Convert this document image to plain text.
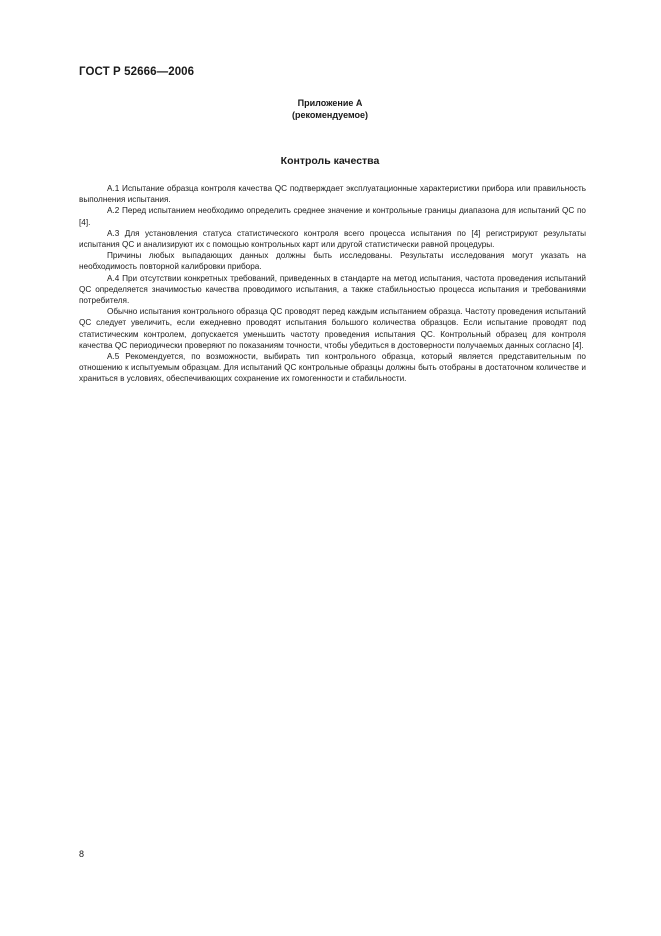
ГОСТ Р 52666—2006
Приложение А
(рекомендуемое)
Контроль качества

А.1 Испытание образца контроля качества QC подтверждает эксплуатационные характеристики прибора или правильность выполнения испытания.

А.2 Перед испытанием необходимо определить среднее значение и контрольные границы диапазона для испытаний QC по [4].

А.3 Для установления статуса статистического контроля всего процесса испытания по [4] регистрируют результаты испытания QC и анализируют их с помощью контрольных карт или другой статистически равной процедуры.

Причины любых выпадающих данных должны быть исследованы. Результаты исследования могут указать на необходимость повторной калибровки прибора.

А.4 При отсутствии конкретных требований, приведенных в стандарте на метод испытания, частота проведения испытаний QC определяется значимостью качества проводимого испытания, а также стабильностью процесса испытания и требованиями потребителя.

Обычно испытания контрольного образца QC проводят перед каждым испытанием образца. Частоту проведения испытаний QC следует увеличить, если ежедневно проводят испытания большого количества образцов. Если испытание проводят под статистическим контролем, допускается уменьшить частоту проведения испытания QC. Контрольный образец для контроля качества QC периодически проверяют по показаниям точности, чтобы убедиться в достоверности получаемых данных согласно [4].

А.5 Рекомендуется, по возможности, выбирать тип контрольного образца, который является представительным по отношению к испытуемым образцам. Для испытаний QC контрольные образцы должны быть отобраны в достаточном количестве и храниться в условиях, обеспечивающих сохранение их гомогенности и стабильности.

8
